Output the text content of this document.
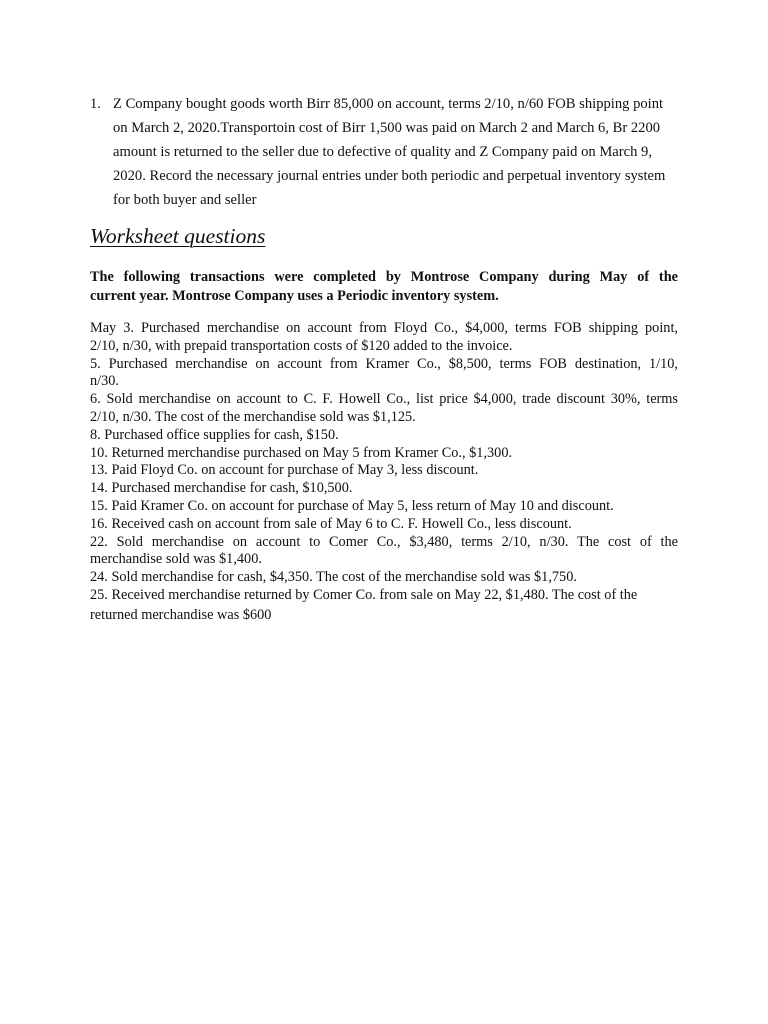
1. Z Company bought goods worth Birr 85,000 on account, terms 2/10, n/60 FOB shipping point
on March 2, 2020.Transportoin cost of Birr 1,500 was paid on March 2 and March 6, Br 2200
amount is returned to the seller due to defective of quality and Z Company paid on March 9,
2020. Record the necessary journal entries under both periodic and perpetual inventory system
for both buyer and seller
Worksheet questions
The following transactions were completed by Montrose Company during May of the
current year. Montrose Company uses a Periodic inventory system.
May 3. Purchased merchandise on account from Floyd Co., $4,000, terms FOB shipping point,
2/10, n/30, with prepaid transportation costs of $120 added to the invoice.
5. Purchased merchandise on account from Kramer Co., $8,500, terms FOB destination, 1/10,
n/30.
6. Sold merchandise on account to C. F. Howell Co., list price $4,000, trade discount 30%, terms
2/10, n/30. The cost of the merchandise sold was $1,125.
8. Purchased office supplies for cash, $150.
10. Returned merchandise purchased on May 5 from Kramer Co., $1,300.
13. Paid Floyd Co. on account for purchase of May 3, less discount.
14. Purchased merchandise for cash, $10,500.
15. Paid Kramer Co. on account for purchase of May 5, less return of May 10 and discount.
16. Received cash on account from sale of May 6 to C. F. Howell Co., less discount.
22. Sold merchandise on account to Comer Co., $3,480, terms 2/10, n/30. The cost of the
merchandise sold was $1,400.
24. Sold merchandise for cash, $4,350. The cost of the merchandise sold was $1,750.
25. Received merchandise returned by Comer Co. from sale on May 22, $1,480. The cost of the
returned merchandise was $600
